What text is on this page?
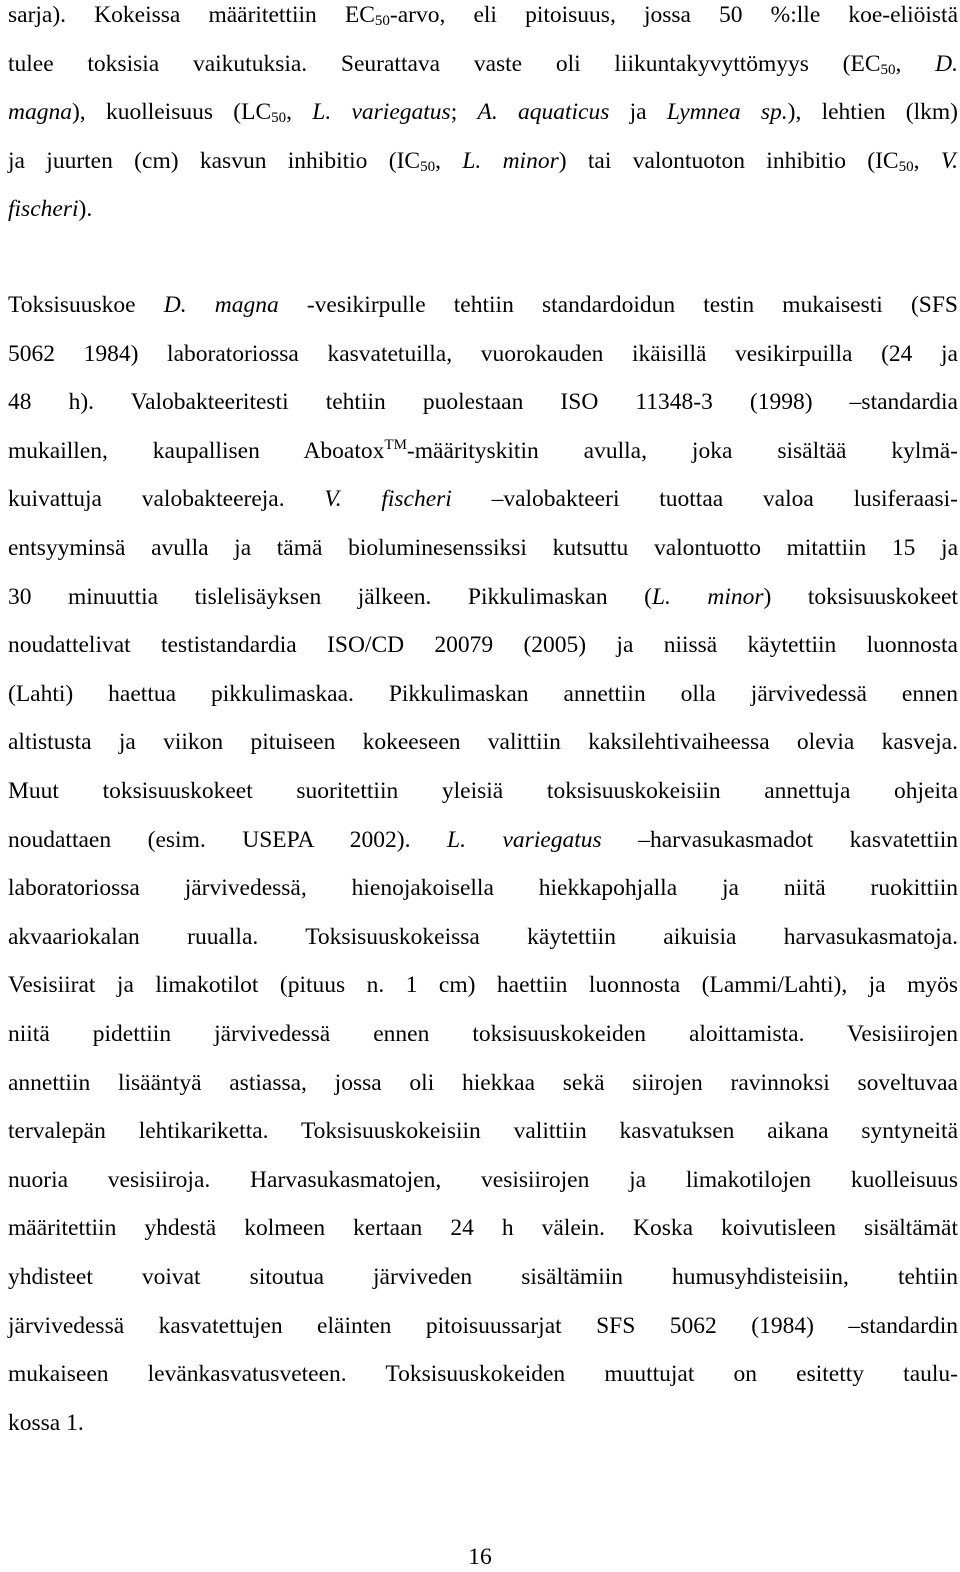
sarja). Kokeissa määritettiin $EC_{50}$-arvo, eli pitoisuus, jossa 50 %:lle koe-eliöistä
tulee toksisia vaikutuksia. Seurattava vaste oli liikuntakyvyttömyys ($EC_{50}$, D.
magna), kuolleisuus ($LC_{50}$, L. variegatus; A. aquaticus ja Lymnea sp.), lehtien (lkm)
ja juurten (cm) kasvun inhibitio ($IC_{50}$, L. minor) tai valontuoton inhibitio ($IC_{50}$, V.
fischeri).
Toksisuuskoe D. magna -vesikirpulle tehtiin standardoidun testin mukaisesti (SFS
5062 1984) laboratoriossa kasvatetuilla, vuorokauden ikäisillä vesikirpuilla (24 ja
48 h). Valobakteeritesti tehtiin puolestaan ISO 11348-3 (1998) –standardia
mukaillen, kaupallisen Aboatox™-määrityskitin avulla, joka sisältää kylmä-
kuivattuja valobakteereja. V. fischeri –valobakteeri tuottaa valoa lusiferaasi-
entsyyminsä avulla ja tämä bioluminesenssiksi kutsuttu valontuotto mitattiin 15 ja
30 minuuttia tislelisäyksen jälkeen. Pikkulimaskan (L. minor) toksisuuskokeet
noudattelivat testistandardia ISO/CD 20079 (2005) ja niissä käytettiin luonnosta
(Lahti) haettua pikkulimaskaa. Pikkulimaskan annettiin olla järvivedessä ennen
altistusta ja viikon pituiseen kokeeseen valittiin kaksilehtivaiheessa olevia kasveja.
Muut toksisuuskokeet suoritettiin yleisiä toksisuuskokeisiin annettuja ohjeita
noudattaen (esim. USEPA 2002). L. variegatus –harvasukasmadot kasvatettiin
laboratoriossa järvivedessä, hienojakoisella hiekkapohjalla ja niitä ruokittiin
akvaariokalan ruualla. Toksisuuskokeissa käytettiin aikuisia harvasukasmatoja.
Vesisiirat ja limakotilot (pituus n. 1 cm) haettiin luonnosta (Lammi/Lahti), ja myös
niitä pidettiin järvivedessä ennen toksisuuskokeiden aloittamista. Vesisiirojen
annettiin lisääntyä astiassa, jossa oli hiekkaa sekä siirojen ravinnoksi soveltuvaa
tervalepän lehtikariketta. Toksisuuskokeisiin valittiin kasvatuksen aikana syntyneitä
nuoria vesisiiroja. Harvasukasmatojen, vesisiirojen ja limakotilojen kuolleisuus
määritettiin yhdestä kolmeen kertaan 24 h välein. Koska koivutisleen sisältämät
yhdisteet voivat sitoutua järviveden sisältämiin humusyhdisteisiin, tehtiin
järvivedessä kasvatettujen eläinten pitoisuussarjat SFS 5062 (1984) –standardin
mukaiseen levänkasvatusveteen. Toksisuuskokeiden muuttujat on esitetty taulu-
kossa 1.
16
